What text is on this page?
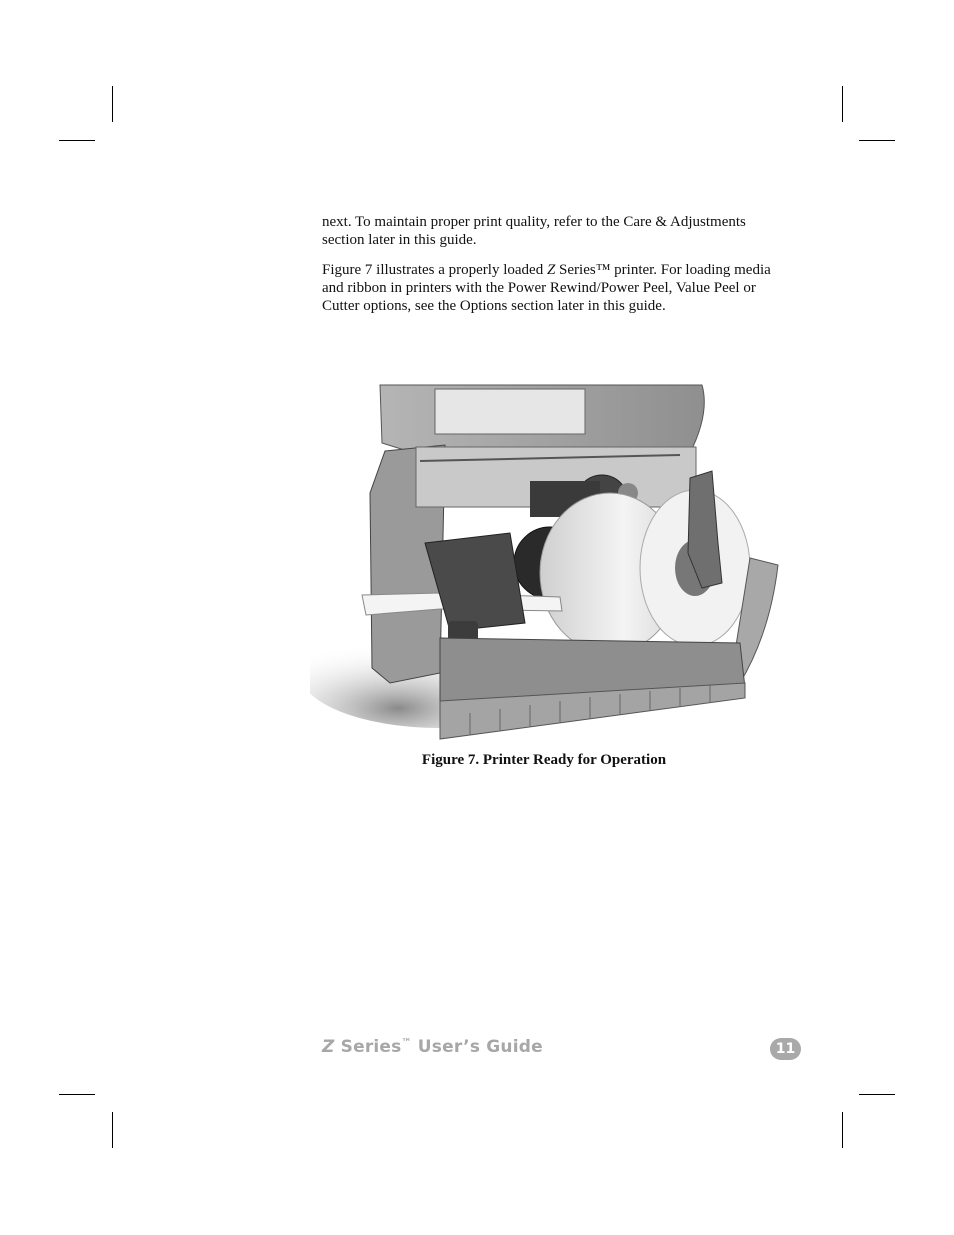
next. To maintain proper print quality, refer to the Care & Adjustments section later in this guide.

Figure 7 illustrates a properly loaded Z Series™ printer. For loading media and ribbon in printers with the Power Rewind/Power Peel, Value Peel or Cutter options, see the Options section later in this guide.

Figure 7. Printer Ready for Operation
Z Series™ User’s Guide	11
